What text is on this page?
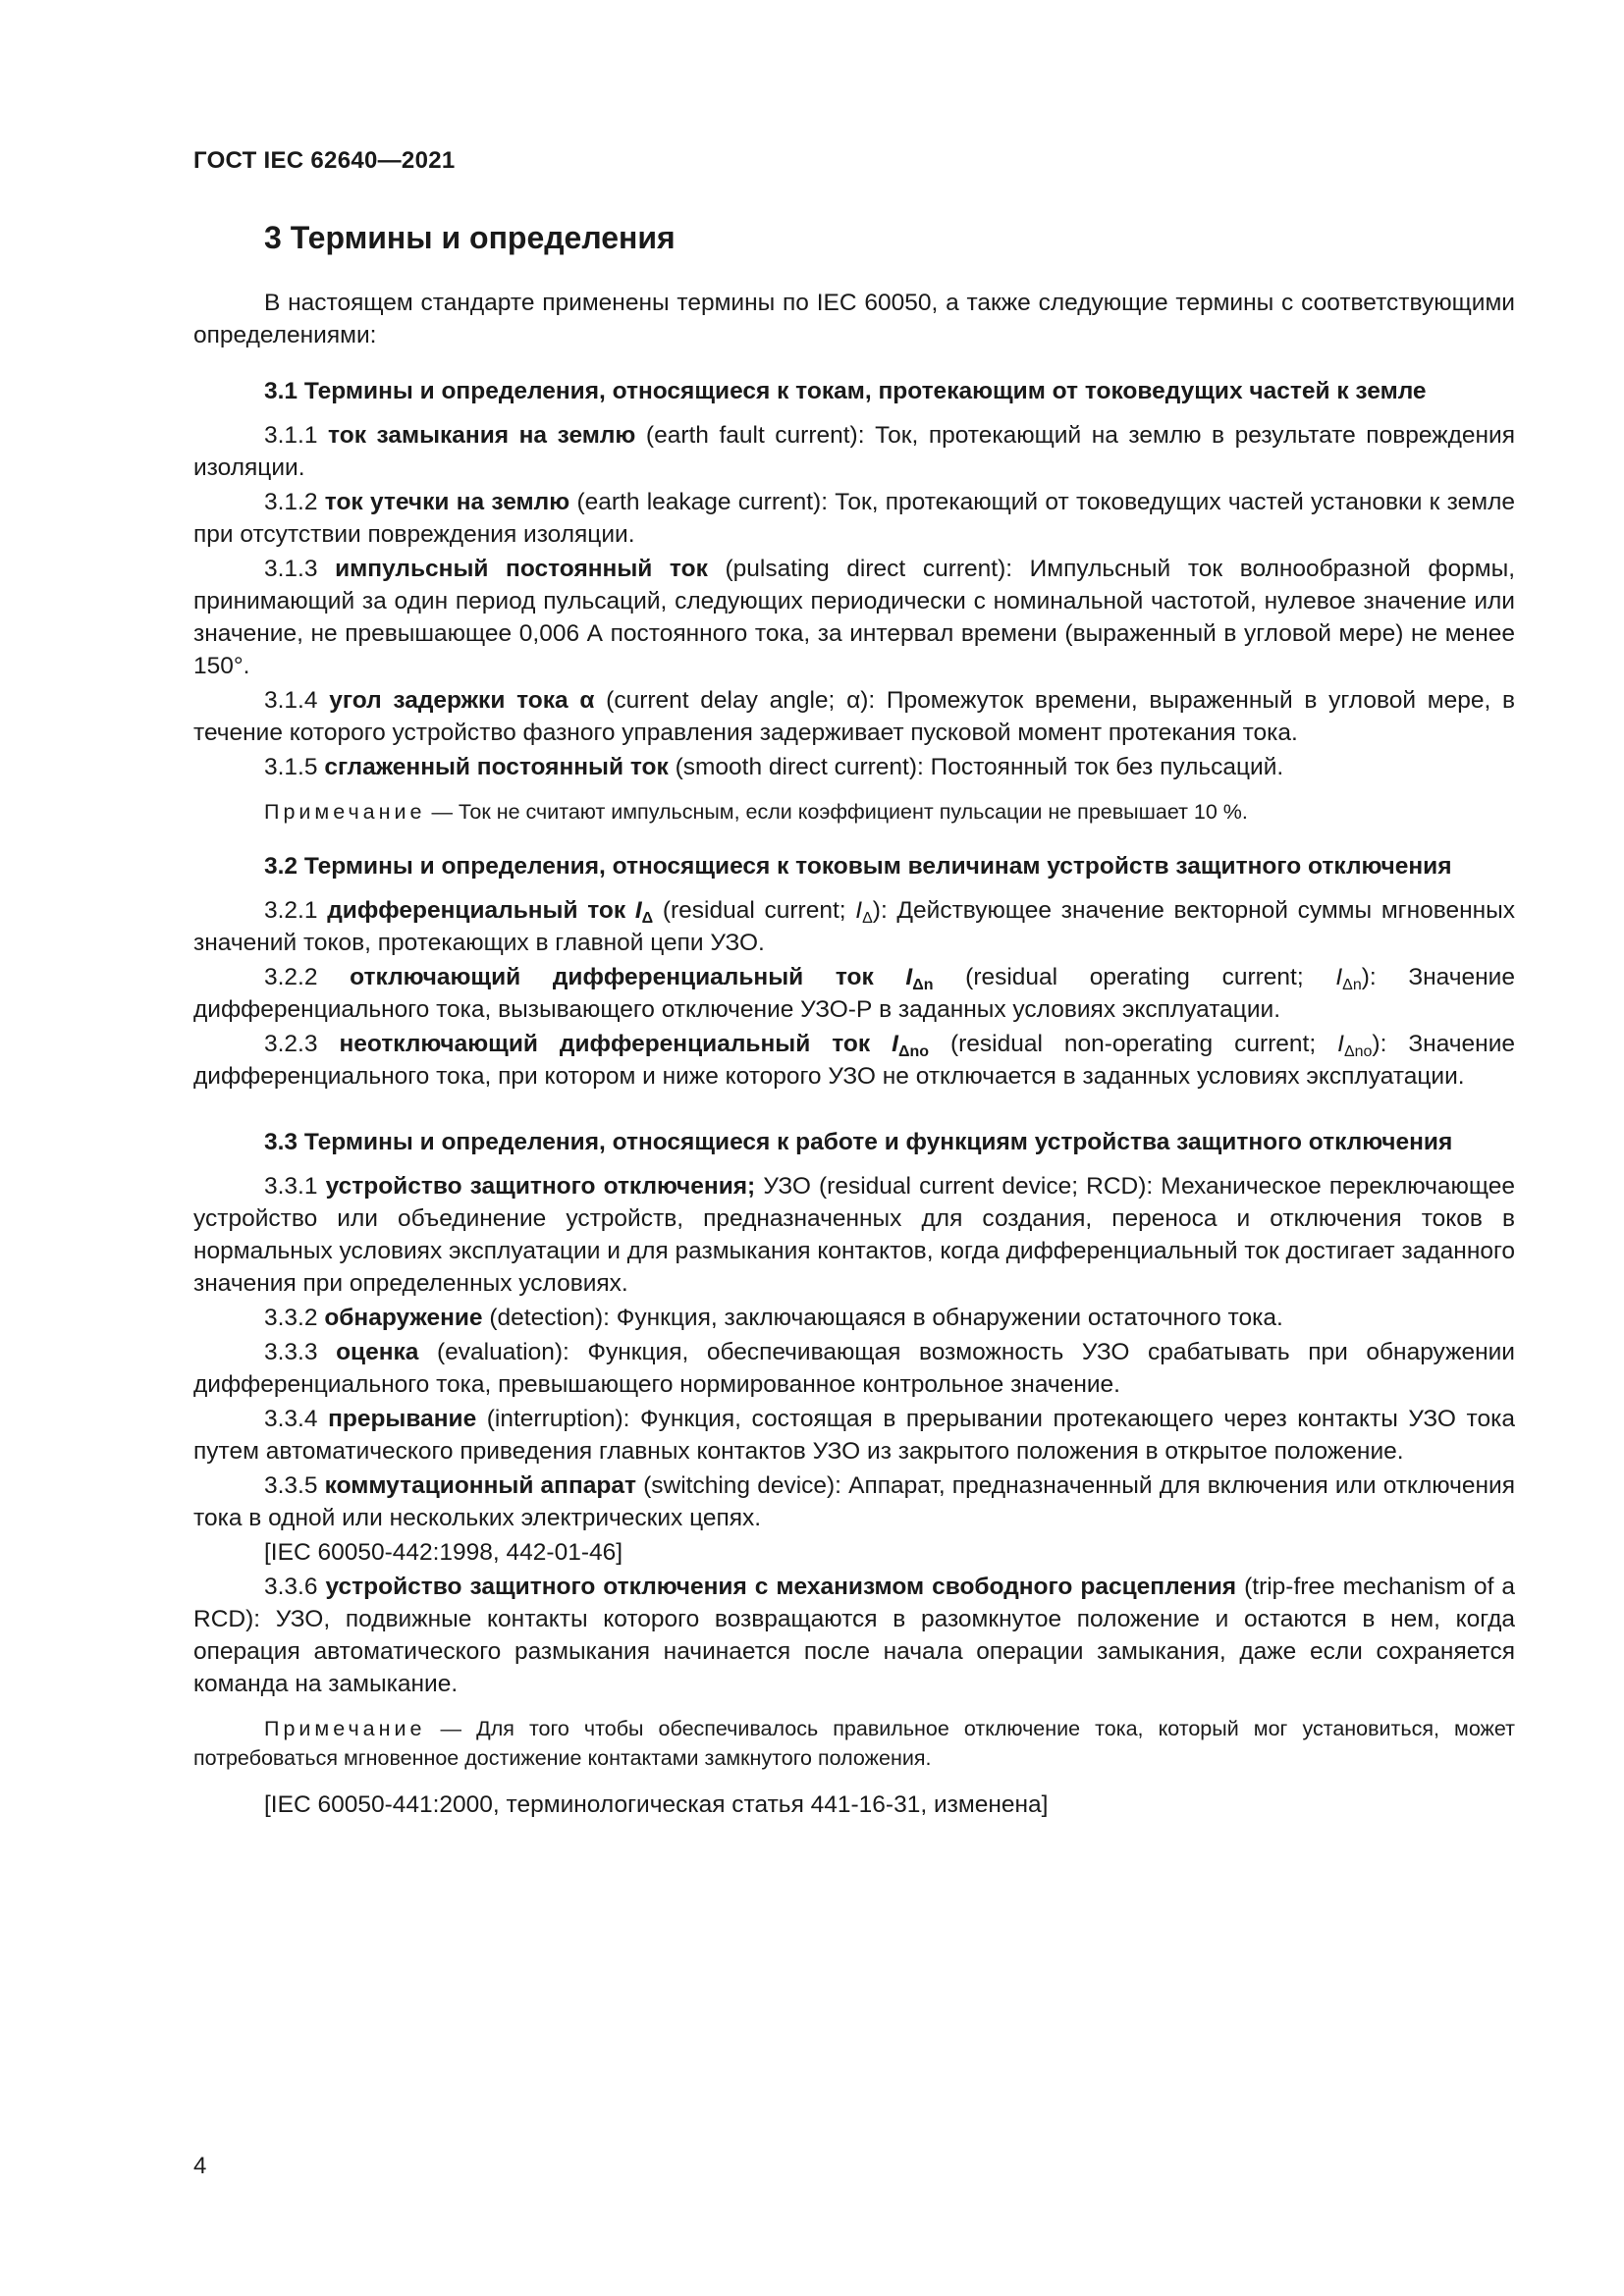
ГОСТ IEC 62640—2021
3 Термины и определения

В настоящем стандарте применены термины по IEC 60050, а также следующие термины с соответствующими определениями:

3.1 Термины и определения, относящиеся к токам, протекающим от токоведущих частей к земле

3.1.1 ток замыкания на землю (earth fault current): Ток, протекающий на землю в результате повреждения изоляции.

3.1.2 ток утечки на землю (earth leakage current): Ток, протекающий от токоведущих частей установки к земле при отсутствии повреждения изоляции.

3.1.3 импульсный постоянный ток (pulsating direct current): Импульсный ток волнообразной формы, принимающий за один период пульсаций, следующих периодически с номинальной частотой, нулевое значение или значение, не превышающее 0,006 А постоянного тока, за интервал времени (выраженный в угловой мере) не менее 150°.

3.1.4 угол задержки тока α (current delay angle; α): Промежуток времени, выраженный в угловой мере, в течение которого устройство фазного управления задерживает пусковой момент протекания тока.

3.1.5 сглаженный постоянный ток (smooth direct current): Постоянный ток без пульсаций.

Примечание — Ток не считают импульсным, если коэффициент пульсации не превышает 10 %.

3.2 Термины и определения, относящиеся к токовым величинам устройств защитного отключения

3.2.1 дифференциальный ток $I_\Delta$ (residual current; $I_\Delta$): Действующее значение векторной суммы мгновенных значений токов, протекающих в главной цепи УЗО.

3.2.2 отключающий дифференциальный ток $I_{\Delta n}$ (residual operating current; $I_{\Delta n}$): Значение дифференциального тока, вызывающего отключение УЗО-Р в заданных условиях эксплуатации.

3.2.3 неотключающий дифференциальный ток $I_{\Delta no}$ (residual non-operating current; $I_{\Delta no}$): Значение дифференциального тока, при котором и ниже которого УЗО не отключается в заданных условиях эксплуатации.

3.3 Термины и определения, относящиеся к работе и функциям устройства защитного отключения

3.3.1 устройство защитного отключения; УЗО (residual current device; RCD): Механическое переключающее устройство или объединение устройств, предназначенных для создания, переноса и отключения токов в нормальных условиях эксплуатации и для размыкания контактов, когда дифференциальный ток достигает заданного значения при определенных условиях.

3.3.2 обнаружение (detection): Функция, заключающаяся в обнаружении остаточного тока.

3.3.3 оценка (evaluation): Функция, обеспечивающая возможность УЗО срабатывать при обнаружении дифференциального тока, превышающего нормированное контрольное значение.

3.3.4 прерывание (interruption): Функция, состоящая в прерывании протекающего через контакты УЗО тока путем автоматического приведения главных контактов УЗО из закрытого положения в открытое положение.

3.3.5 коммутационный аппарат (switching device): Аппарат, предназначенный для включения или отключения тока в одной или нескольких электрических цепях.

[IEC 60050-442:1998, 442-01-46]

3.3.6 устройство защитного отключения с механизмом свободного расцепления (trip-free mechanism of a RCD): УЗО, подвижные контакты которого возвращаются в разомкнутое положение и остаются в нем, когда операция автоматического размыкания начинается после начала операции замыкания, даже если сохраняется команда на замыкание.

Примечание — Для того чтобы обеспечивалось правильное отключение тока, который мог установиться, может потребоваться мгновенное достижение контактами замкнутого положения.

[IEC 60050-441:2000, терминологическая статья 441-16-31, изменена]

4
